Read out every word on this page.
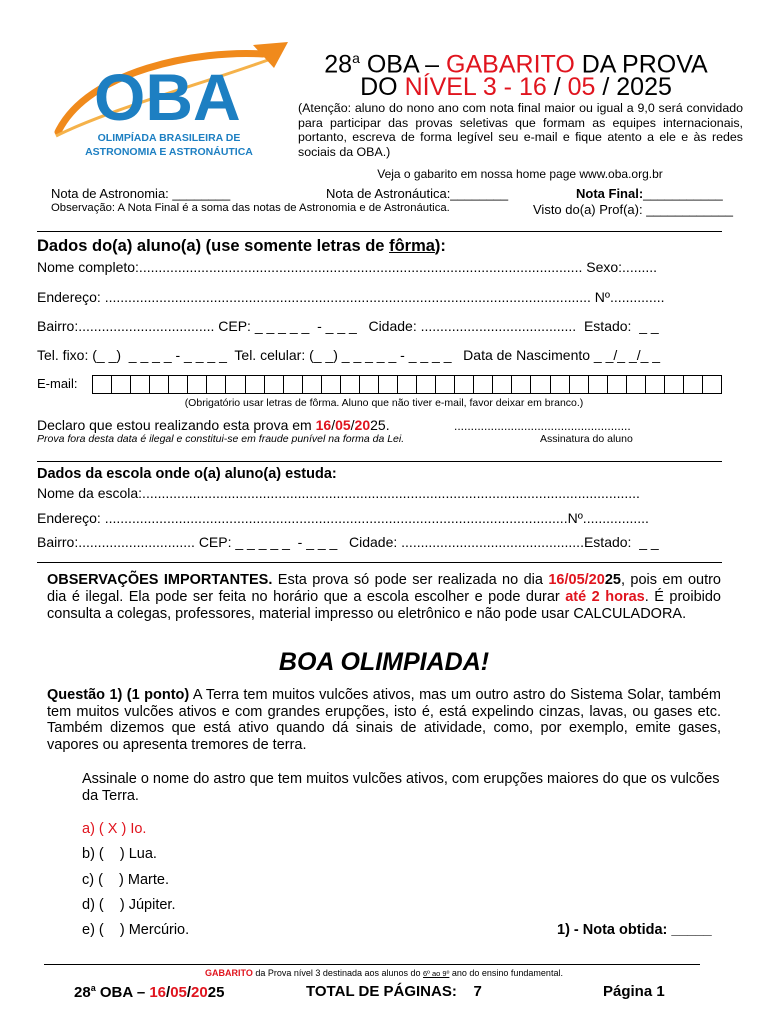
OBA
OLIMPÍADA BRASILEIRA DE
ASTRONOMIA E ASTRONÁUTICA
28$^a$ OBA – GABARITO DA PROVA
DO NÍVEL 3 - 16 / 05 / 2025
(Atenção: aluno do nono ano com nota final maior ou igual a 9,0 será convidado para participar das provas seletivas que formam as equipes internacionais, portanto, escreva de forma legível seu e-mail e fique atento a ele e às redes sociais da OBA.)
Veja o gabarito em nossa home page www.oba.org.br
Nota de Astronomia: ________	Nota de Astronáutica:________	Nota Final:___________
Observação: A Nota Final é a soma das notas de Astronomia e de Astronáutica.	Visto do(a) Prof(a): ____________
Dados do(a) aluno(a) (use somente letras de fôrma):
Nome completo:.................................................................................................................. Sexo:.........
Endereço: ............................................................................................................................. Nº..............
Bairro:................................... CEP: _ _ _ _ _  - _ _ _   Cidade: ........................................  Estado:  _ _
Tel. fixo: (_ _)  _ _ _ _ - _ _ _ _  Tel. celular: (_ _) _ _ _ _ _ - _ _ _ _   Data de Nascimento _ _/_ _/_ _
E-mail:
(Obrigatório usar letras de fôrma. Aluno que não tiver e-mail, favor deixar em branco.)
Declaro que estou realizando esta prova em 16/05/2025.	.....................................................
Prova fora desta data é ilegal e constitui-se em fraude punível na forma da Lei.	Assinatura do aluno
Dados da escola onde o(a) aluno(a) estuda:
Nome da escola:................................................................................................................................
Endereço: .......................................................................................................................Nº.................
Bairro:.............................. CEP: _ _ _ _ _  - _ _ _   Cidade: ...............................................Estado:  _ _
OBSERVAÇÕES IMPORTANTES. Esta prova só pode ser realizada no dia 16/05/2025, pois em outro dia é ilegal. Ela pode ser feita no horário que a escola escolher e pode durar até 2 horas. É proibido consulta a colegas, professores, material impresso ou eletrônico e não pode usar CALCULADORA.
BOA OLIMPIADA!
Questão 1) (1 ponto) A Terra tem muitos vulcões ativos, mas um outro astro do Sistema Solar, também tem muitos vulcões ativos e com grandes erupções, isto é, está expelindo cinzas, lavas, ou gases etc. Também dizemos que está ativo quando dá sinais de atividade, como, por exemplo, emite gases, vapores ou apresenta tremores de terra.
Assinale o nome do astro que tem muitos vulcões ativos, com erupções maiores do que os vulcões da Terra.
a) ( X ) Io.
b) (    ) Lua.
c) (    ) Marte.
d) (    ) Júpiter.
e) (    ) Mercúrio.	1) - Nota obtida: _____
GABARITO da Prova nível 3 destinada aos alunos do 6º ao 9º ano do ensino fundamental.
28$^a$ OBA – 16/05/2025	TOTAL DE PÁGINAS:    7	Página 1
